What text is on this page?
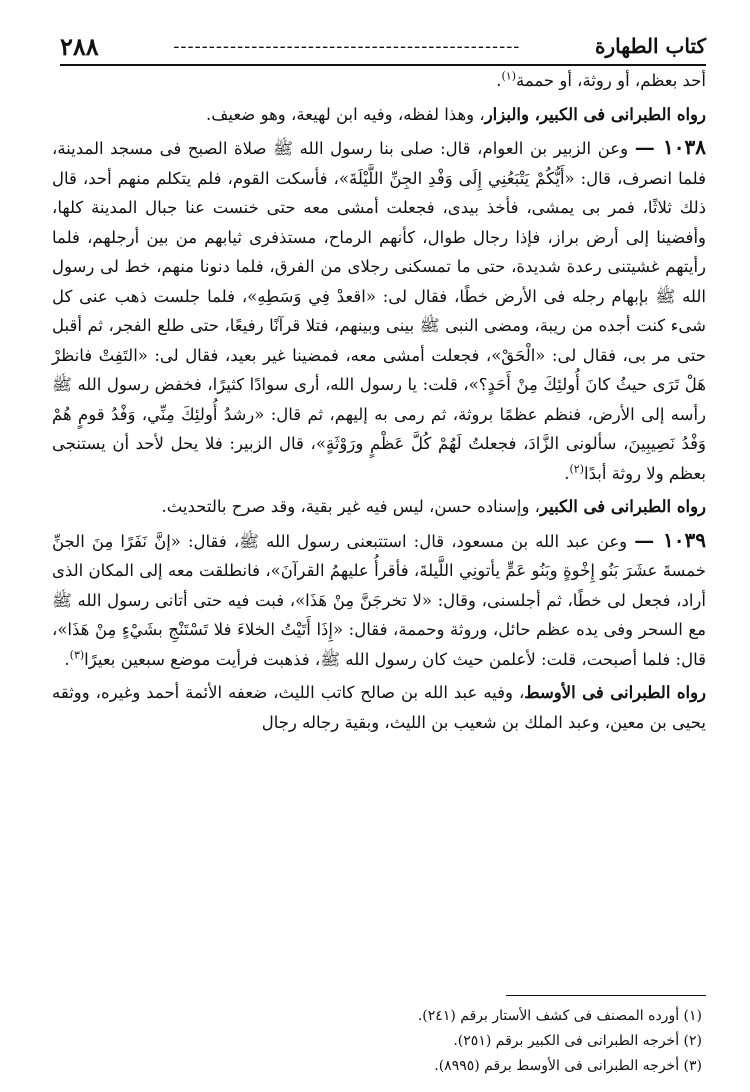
كتاب الطهارة
-------------------------------------------------
٢٨٨

أحد بعظم، أو روثة، أو حممة$^{(١)}$.

رواه الطبرانى فى الكبير، والبزار، وهذا لفظه، وفيه ابن لهيعة، وهو ضعيف.

١٠٣٨ — وعن الزبير بن العوام، قال: صلى بنا رسول الله ﷺ صلاة الصبح فى مسجد المدينة، فلما انصرف، قال: «أَيُّكُمْ يَتْبَعُنِي إِلَى وَفْدِ الجِنِّ اللَّيْلَةَ»، فأسكت القوم، فلم يتكلم منهم أحد، قال ذلك ثلاثًا، فمر بى يمشى، فأخذ بيدى، فجعلت أمشى معه حتى خنست عنا جبال المدينة كلها، وأفضينا إلى أرض براز، فإذا رجال طوال، كأنهم الرماح، مستذفرى ثيابهم من بين أرجلهم، فلما رأيتهم غشيتنى رعدة شديدة، حتى ما تمسكنى رجلاى من الفرق، فلما دنونا منهم، خط لى رسول الله ﷺ بإبهام رجله فى الأرض خطًا، فقال لى: «اقعدْ فِي وَسَطِهِ»، فلما جلست ذهب عنى كل شىء كنت أجده من ريبة، ومضى النبى ﷺ بينى وبينهم، فتلا قرآنًا رفيعًا، حتى طلع الفجر، ثم أقبل حتى مر بى، فقال لى: «الْحَقْ»، فجعلت أمشى معه، فمضينا غير بعيد، فقال لى: «التَفِتْ فانظرْ هَلْ تَرَى حيثُ كانَ أُولئِكَ مِنْ أَحَدٍ؟»، قلت: يا رسول الله، أرى سوادًا كثيرًا، فخفض رسول الله ﷺ رأسه إلى الأرض، فنظم عظمًا بروثة، ثم رمى به إليهم، ثم قال: «رشدُ أُولئِكَ مِنِّي، وَفْدُ قومٍ هُمْ وَفْدُ نَصِيبِينَ، سألونى الزَّادَ، فجعلتُ لَهُمْ كُلَّ عَظْمٍ ورَوْثَةٍ»، قال الزبير: فلا يحل لأحد أن يستنجى بعظم ولا روثة أبدًا$^{(٢)}$.

رواه الطبرانى فى الكبير، وإسناده حسن، ليس فيه غير بقية، وقد صرح بالتحديث.

١٠٣٩ — وعن عبد الله بن مسعود، قال: استتبعنى رسول الله ﷺ، فقال: «إنَّ نَفَرًا مِنَ الجنِّ خمسةَ عشَرَ بَنُو إِخْوةٍ وبَنُو عَمٍّ يأتونِي اللَّيلةَ، فأقرأُ عليهمُ القرآنَ»، فانطلقت معه إلى المكان الذى أراد، فجعل لى خطًا، ثم أجلسنى، وقال: «لا تخرجَنَّ مِنْ هَذَا»، فبت فيه حتى أتانى رسول الله ﷺ مع السحر وفى يده عظم حائل، وروثة وحممة، فقال: «إِذَا أَتَيْتُ الخلاءَ فلا تَسْتَنْجِ بشَيْءٍ مِنْ هَذَا»، قال: فلما أصبحت، قلت: لأعلمن حيث كان رسول الله ﷺ، فذهبت فرأيت موضع سبعين بعيرًا$^{(٣)}$.

رواه الطبرانى فى الأوسط، وفيه عبد الله بن صالح كاتب الليث، ضعفه الأئمة أحمد وغيره، ووثقه يحيى بن معين، وعبد الملك بن شعيب بن الليث، وبقية رجاله رجال

(١) أورده المصنف فى كشف الأستار برقم (٢٤١).
(٢) أخرجه الطبرانى فى الكبير برقم (٢٥١).
(٣) أخرجه الطبرانى فى الأوسط برقم (٨٩٩٥).
